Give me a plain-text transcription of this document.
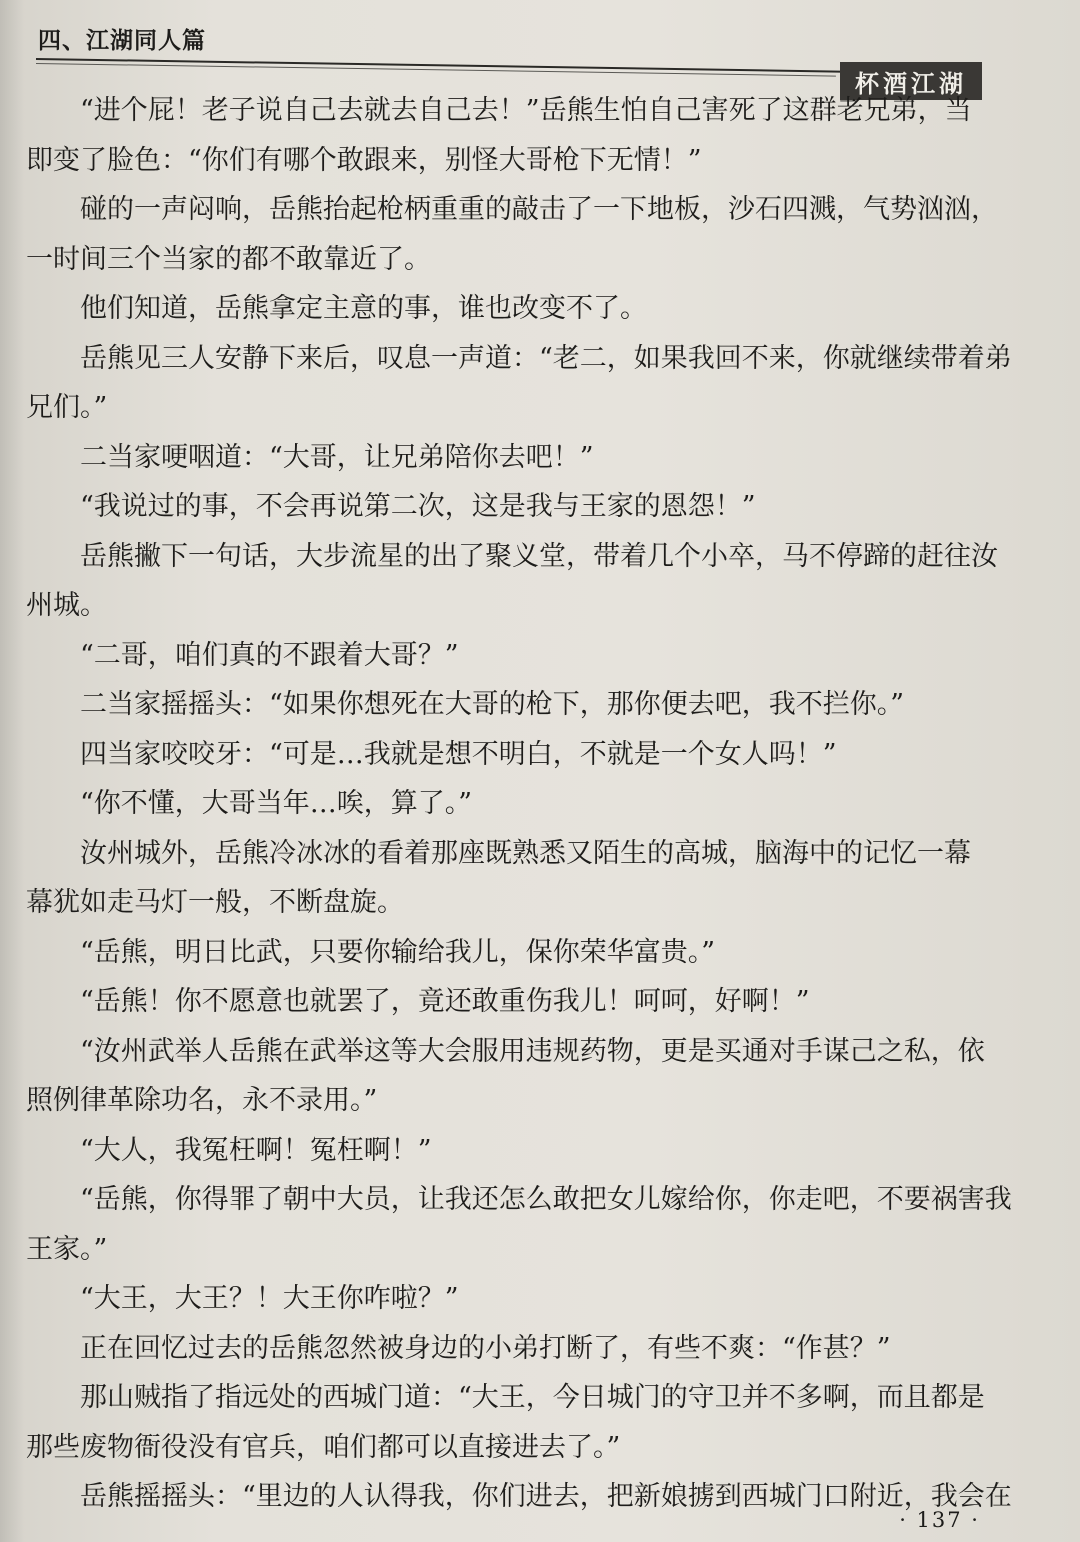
四、江湖同人篇
杯酒江湖

“进个屁！老子说自己去就去自己去！”岳熊生怕自己害死了这群老兄弟，当

即变了脸色：“你们有哪个敢跟来，别怪大哥枪下无情！”

碰的一声闷响，岳熊抬起枪柄重重的敲击了一下地板，沙石四溅，气势汹汹，

一时间三个当家的都不敢靠近了。

他们知道，岳熊拿定主意的事，谁也改变不了。

岳熊见三人安静下来后，叹息一声道：“老二，如果我回不来，你就继续带着弟

兄们。”

二当家哽咽道：“大哥，让兄弟陪你去吧！”

“我说过的事，不会再说第二次，这是我与王家的恩怨！”

岳熊撇下一句话，大步流星的出了聚义堂，带着几个小卒，马不停蹄的赶往汝

州城。

“二哥，咱们真的不跟着大哥？”

二当家摇摇头：“如果你想死在大哥的枪下，那你便去吧，我不拦你。”

四当家咬咬牙：“可是…我就是想不明白，不就是一个女人吗！”

“你不懂，大哥当年…唉，算了。”

汝州城外，岳熊冷冰冰的看着那座既熟悉又陌生的高城，脑海中的记忆一幕

幕犹如走马灯一般，不断盘旋。

“岳熊，明日比武，只要你输给我儿，保你荣华富贵。”

“岳熊！你不愿意也就罢了，竟还敢重伤我儿！呵呵，好啊！”

“汝州武举人岳熊在武举这等大会服用违规药物，更是买通对手谋己之私，依

照例律革除功名，永不录用。”

“大人，我冤枉啊！冤枉啊！”

“岳熊，你得罪了朝中大员，让我还怎么敢把女儿嫁给你，你走吧，不要祸害我

王家。”

“大王，大王？！大王你咋啦？”

正在回忆过去的岳熊忽然被身边的小弟打断了，有些不爽：“作甚？”

那山贼指了指远处的西城门道：“大王，今日城门的守卫并不多啊，而且都是

那些废物衙役没有官兵，咱们都可以直接进去了。”

岳熊摇摇头：“里边的人认得我，你们进去，把新娘掳到西城门口附近，我会在

· 137 ·
